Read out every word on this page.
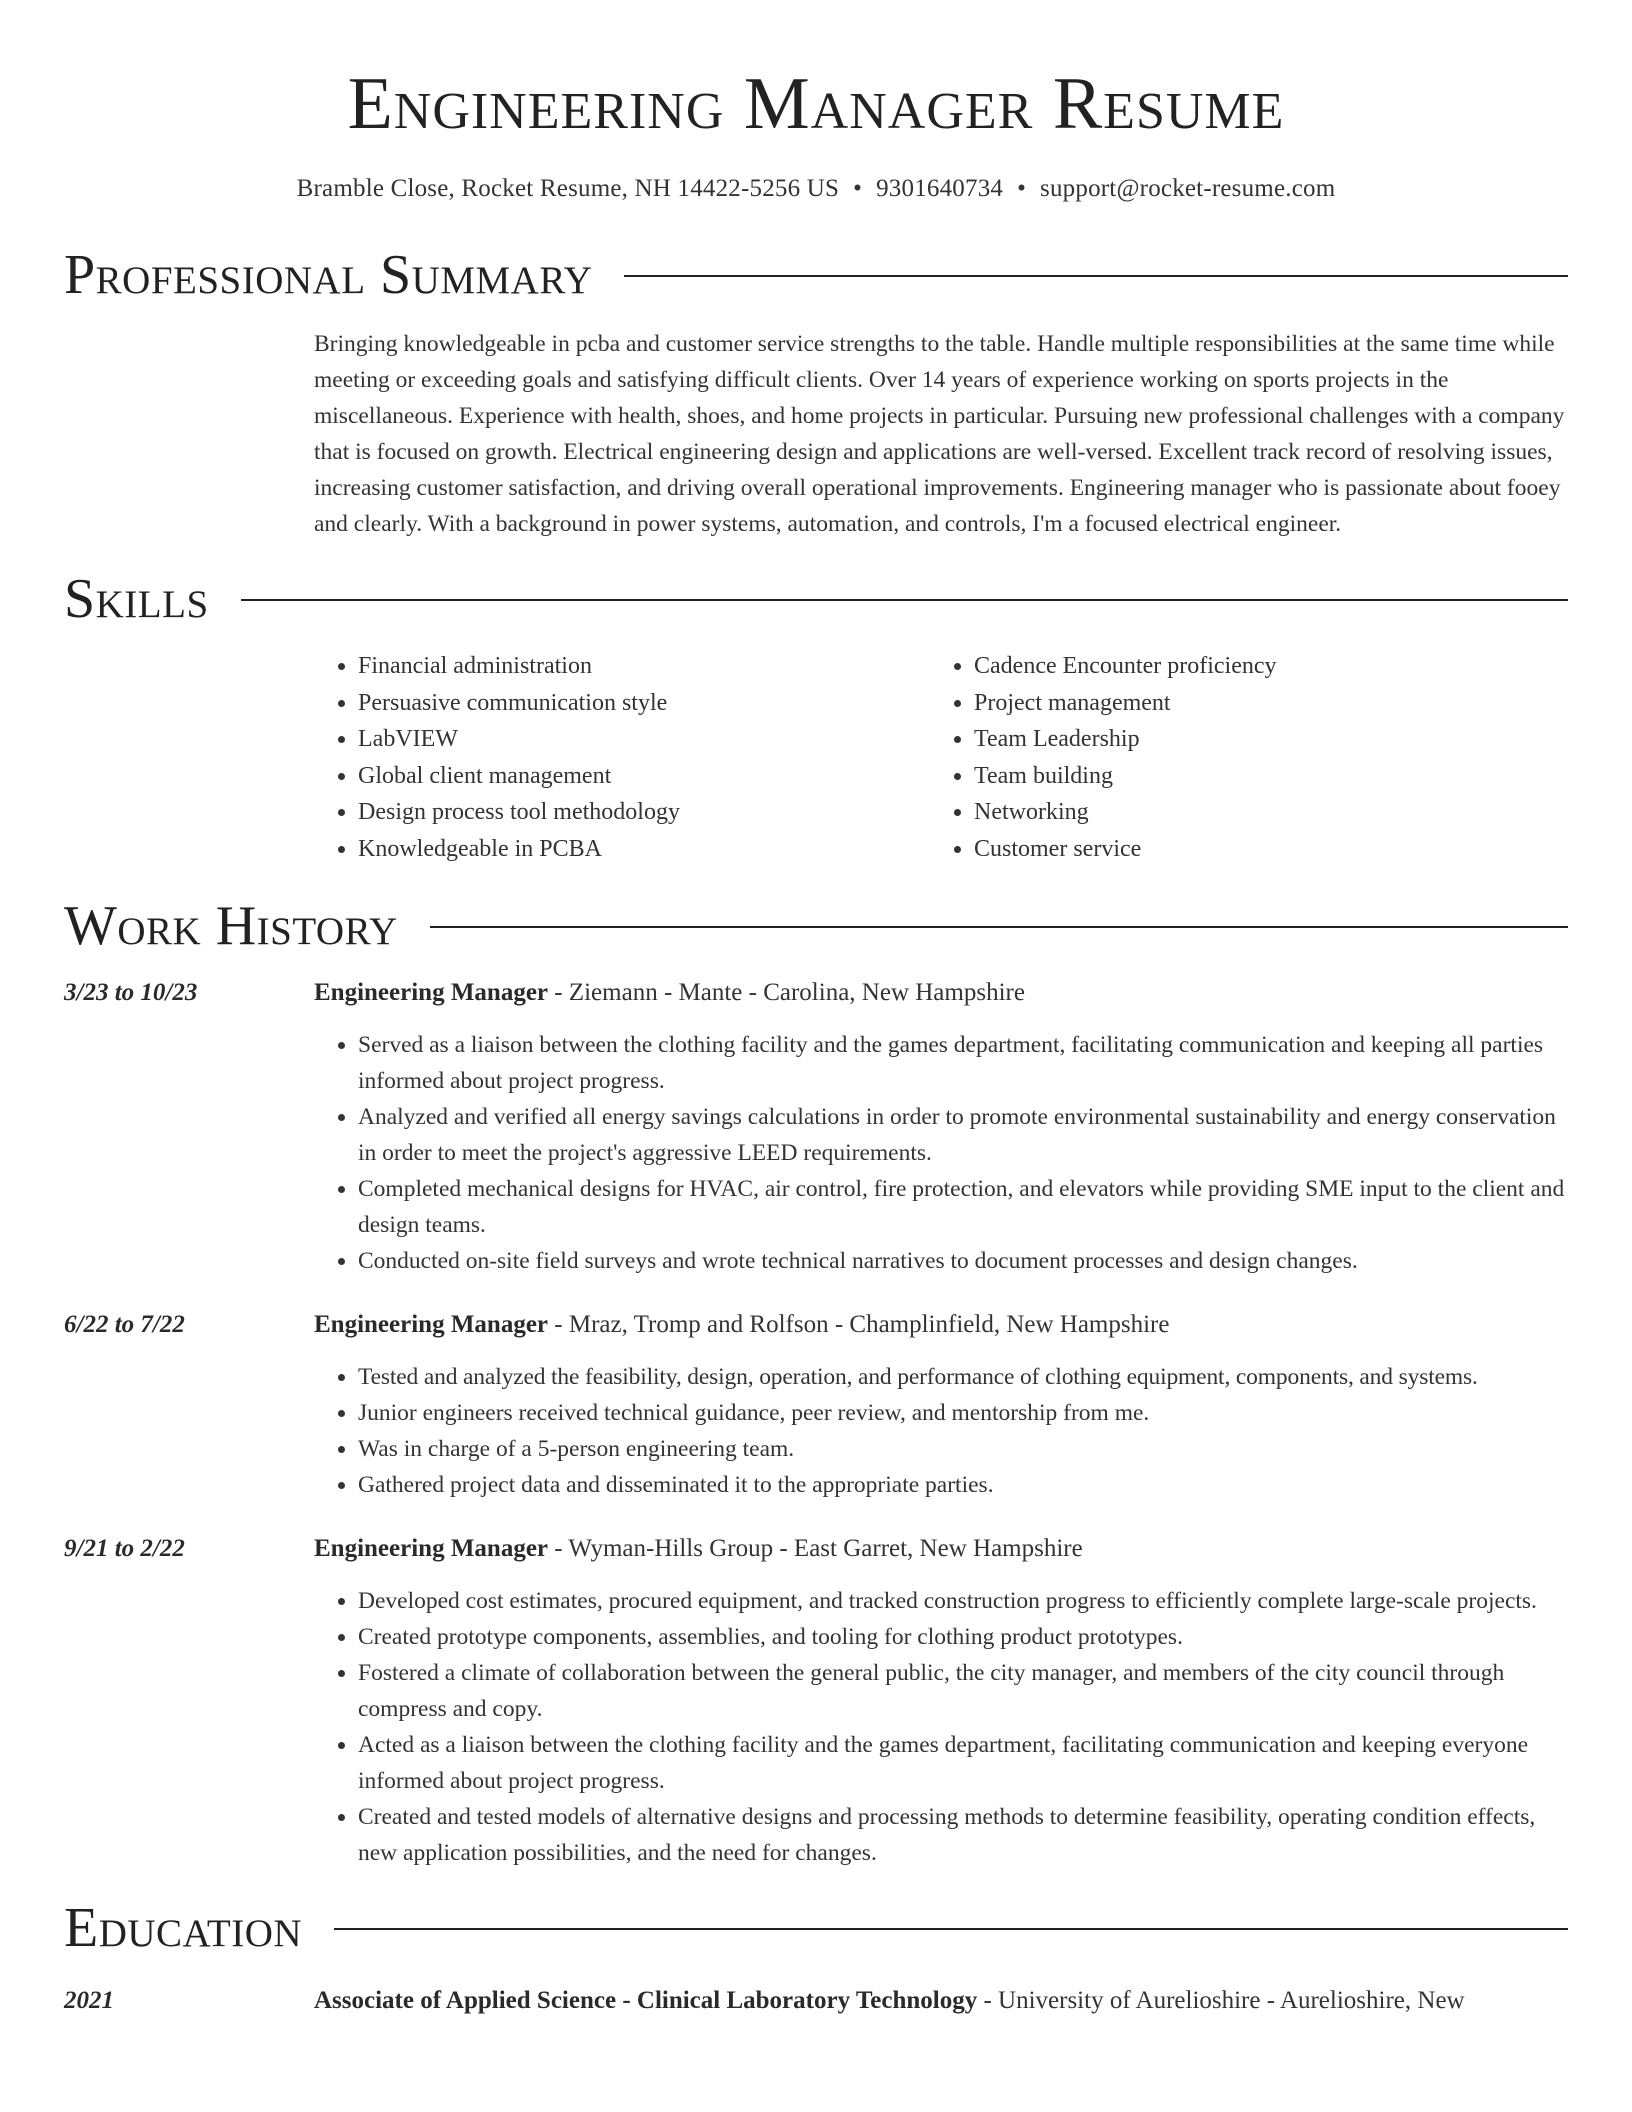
Engineering Manager Resume
Bramble Close, Rocket Resume, NH 14422-5256 US • 9301640734 • support@rocket-resume.com
Professional Summary
Bringing knowledgeable in pcba and customer service strengths to the table. Handle multiple responsibilities at the same time while meeting or exceeding goals and satisfying difficult clients. Over 14 years of experience working on sports projects in the miscellaneous. Experience with health, shoes, and home projects in particular. Pursuing new professional challenges with a company that is focused on growth. Electrical engineering design and applications are well-versed. Excellent track record of resolving issues, increasing customer satisfaction, and driving overall operational improvements. Engineering manager who is passionate about fooey and clearly. With a background in power systems, automation, and controls, I'm a focused electrical engineer.
Skills
• Financial administration
• Persuasive communication style
• LabVIEW
• Global client management
• Design process tool methodology
• Knowledgeable in PCBA
• Cadence Encounter proficiency
• Project management
• Team Leadership
• Team building
• Networking
• Customer service
Work History
3/23 to 10/23	Engineering Manager - Ziemann - Mante - Carolina, New Hampshire
• Served as a liaison between the clothing facility and the games department, facilitating communication and keeping all parties informed about project progress.
• Analyzed and verified all energy savings calculations in order to promote environmental sustainability and energy conservation in order to meet the project's aggressive LEED requirements.
• Completed mechanical designs for HVAC, air control, fire protection, and elevators while providing SME input to the client and design teams.
• Conducted on-site field surveys and wrote technical narratives to document processes and design changes.
6/22 to 7/22	Engineering Manager - Mraz, Tromp and Rolfson - Champlinfield, New Hampshire
• Tested and analyzed the feasibility, design, operation, and performance of clothing equipment, components, and systems.
• Junior engineers received technical guidance, peer review, and mentorship from me.
• Was in charge of a 5-person engineering team.
• Gathered project data and disseminated it to the appropriate parties.
9/21 to 2/22	Engineering Manager - Wyman-Hills Group - East Garret, New Hampshire
• Developed cost estimates, procured equipment, and tracked construction progress to efficiently complete large-scale projects.
• Created prototype components, assemblies, and tooling for clothing product prototypes.
• Fostered a climate of collaboration between the general public, the city manager, and members of the city council through compress and copy.
• Acted as a liaison between the clothing facility and the games department, facilitating communication and keeping everyone informed about project progress.
• Created and tested models of alternative designs and processing methods to determine feasibility, operating condition effects, new application possibilities, and the need for changes.
Education
2021	Associate of Applied Science - Clinical Laboratory Technology - University of Aurelioshire - Aurelioshire, New
